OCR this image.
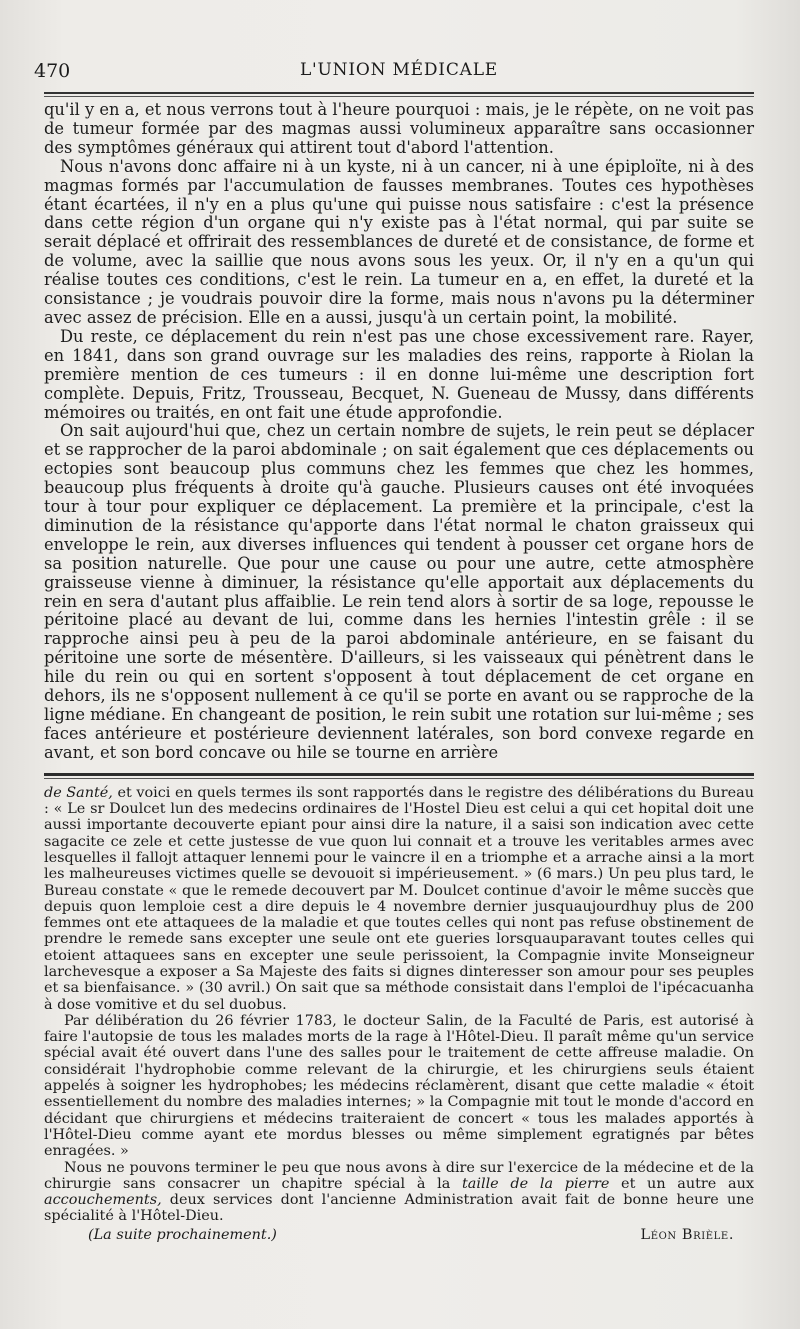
470	L'UNION MÉDICALE

qu'il y en a, et nous verrons tout à l'heure pourquoi : mais, je le répète, on ne voit pas de tumeur formée par des magmas aussi volumineux apparaître sans occasionner des symptômes généraux qui attirent tout d'abord l'attention.

Nous n'avons donc affaire ni à un kyste, ni à un cancer, ni à une épiploïte, ni à des magmas formés par l'accumulation de fausses membranes. Toutes ces hypothèses étant écartées, il n'y en a plus qu'une qui puisse nous satisfaire : c'est la présence dans cette région d'un organe qui n'y existe pas à l'état normal, qui par suite se serait déplacé et offrirait des ressemblances de dureté et de consistance, de forme et de volume, avec la saillie que nous avons sous les yeux. Or, il n'y en a qu'un qui réalise toutes ces conditions, c'est le rein. La tumeur en a, en effet, la dureté et la consistance ; je voudrais pouvoir dire la forme, mais nous n'avons pu la déterminer avec assez de précision. Elle en a aussi, jusqu'à un certain point, la mobilité.

Du reste, ce déplacement du rein n'est pas une chose excessivement rare. Rayer, en 1841, dans son grand ouvrage sur les maladies des reins, rapporte à Riolan la première mention de ces tumeurs : il en donne lui-même une description fort complète. Depuis, Fritz, Trousseau, Becquet, N. Gueneau de Mussy, dans différents mémoires ou traités, en ont fait une étude approfondie.

On sait aujourd'hui que, chez un certain nombre de sujets, le rein peut se déplacer et se rapprocher de la paroi abdominale ; on sait également que ces déplacements ou ectopies sont beaucoup plus communs chez les femmes que chez les hommes, beaucoup plus fréquents à droite qu'à gauche. Plusieurs causes ont été invoquées tour à tour pour expliquer ce déplacement. La première et la principale, c'est la diminution de la résistance qu'apporte dans l'état normal le chaton graisseux qui enveloppe le rein, aux diverses influences qui tendent à pousser cet organe hors de sa position naturelle. Que pour une cause ou pour une autre, cette atmosphère graisseuse vienne à diminuer, la résistance qu'elle apportait aux déplacements du rein en sera d'autant plus affaiblie. Le rein tend alors à sortir de sa loge, repousse le péritoine placé au devant de lui, comme dans les hernies l'intestin grêle : il se rapproche ainsi peu à peu de la paroi abdominale antérieure, en se faisant du péritoine une sorte de mésentère. D'ailleurs, si les vaisseaux qui pénètrent dans le hile du rein ou qui en sortent s'opposent à tout déplacement de cet organe en dehors, ils ne s'opposent nullement à ce qu'il se porte en avant ou se rapproche de la ligne médiane. En changeant de position, le rein subit une rotation sur lui-même ; ses faces antérieure et postérieure deviennent latérales, son bord convexe regarde en avant, et son bord concave ou hile se tourne en arrière

de Santé, et voici en quels termes ils sont rapportés dans le registre des délibérations du Bureau : « Le sr Doulcet lun des medecins ordinaires de l'Hostel Dieu est celui a qui cet hopital doit une aussi importante decouverte epiant pour ainsi dire la nature, il a saisi son indication avec cette sagacite ce zele et cette justesse de vue quon lui connait et a trouve les veritables armes avec lesquelles il fallojt attaquer lennemi pour le vaincre il en a triomphe et a arrache ainsi a la mort les malheureuses victimes quelle se devouoit si impérieusement. » (6 mars.) Un peu plus tard, le Bureau constate « que le remede decouvert par M. Doulcet continue d'avoir le même succès que depuis quon lemploie cest a dire depuis le 4 novembre dernier jusquaujourdhuy plus de 200 femmes ont ete attaquees de la maladie et que toutes celles qui nont pas refuse obstinement de prendre le remede sans excepter une seule ont ete gueries lorsquauparavant toutes celles qui etoient attaquees sans en excepter une seule perissoient, la Compagnie invite Monseigneur larchevesque a exposer a Sa Majeste des faits si dignes dinteresser son amour pour ses peuples et sa bienfaisance. » (30 avril.) On sait que sa méthode consistait dans l'emploi de l'ipécacuanha à dose vomitive et du sel duobus.

Par délibération du 26 février 1783, le docteur Salin, de la Faculté de Paris, est autorisé à faire l'autopsie de tous les malades morts de la rage à l'Hôtel-Dieu. Il paraît même qu'un service spécial avait été ouvert dans l'une des salles pour le traitement de cette affreuse maladie. On considérait l'hydrophobie comme relevant de la chirurgie, et les chirurgiens seuls étaient appelés à soigner les hydrophobes; les médecins réclamèrent, disant que cette maladie « étoit essentiellement du nombre des maladies internes; » la Compagnie mit tout le monde d'accord en décidant que chirurgiens et médecins traiteraient de concert « tous les malades apportés à l'Hôtel-Dieu comme ayant ete mordus blesses ou même simplement egratignés par bêtes enragées. »

Nous ne pouvons terminer le peu que nous avons à dire sur l'exercice de la médecine et de la chirurgie sans consacrer un chapitre spécial à la taille de la pierre et un autre aux accouchements, deux services dont l'ancienne Administration avait fait de bonne heure une spécialité à l'Hôtel-Dieu.

(La suite prochainement.)	Léon Brièle.
